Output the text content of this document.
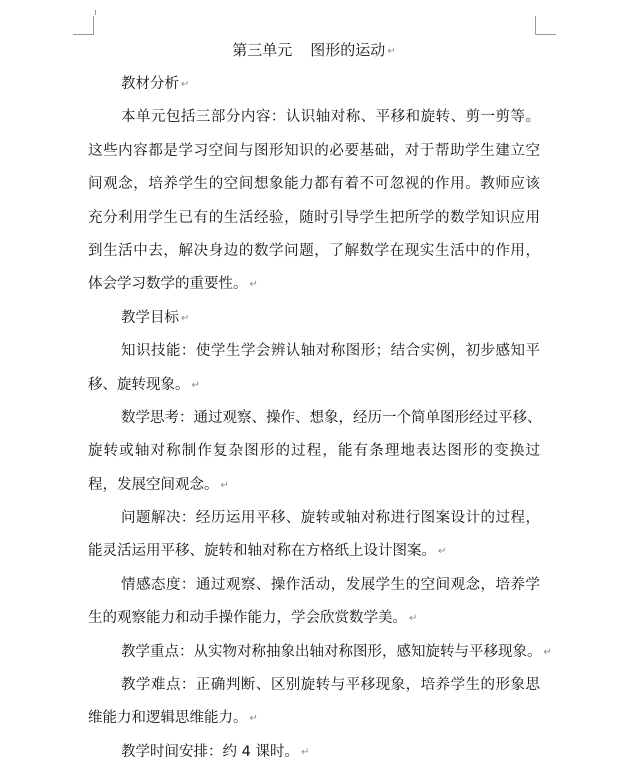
第三单元 图形的运动 ↵
教材分析 ↵
本单元包括三部分内容：认识轴对称、平移和旋转、剪一剪等。
这些内容都是学习空间与图形知识的必要基础，对于帮助学生建立空
间观念，培养学生的空间想象能力都有着不可忽视的作用。教师应该
充分利用学生已有的生活经验，随时引导学生把所学的数学知识应用
到生活中去，解决身边的数学问题，了解数学在现实生活中的作用，
体会学习数学的重要性。 ↵
教学目标 ↵
知识技能：使学生学会辨认轴对称图形；结合实例，初步感知平
移、旋转现象。 ↵
数学思考：通过观察、操作、想象，经历一个简单图形经过平移、
旋转或轴对称制作复杂图形的过程，能有条理地表达图形的变换过
程，发展空间观念。 ↵
问题解决：经历运用平移、旋转或轴对称进行图案设计的过程，
能灵活运用平移、旋转和轴对称在方格纸上设计图案。 ↵
情感态度：通过观察、操作活动，发展学生的空间观念，培养学
生的观察能力和动手操作能力，学会欣赏数学美。 ↵
教学重点：从实物对称抽象出轴对称图形，感知旋转与平移现象。 ↵
教学难点：正确判断、区别旋转与平移现象，培养学生的形象思
维能力和逻辑思维能力。 ↵
教学时间安排：约 4 课时。 ↵
